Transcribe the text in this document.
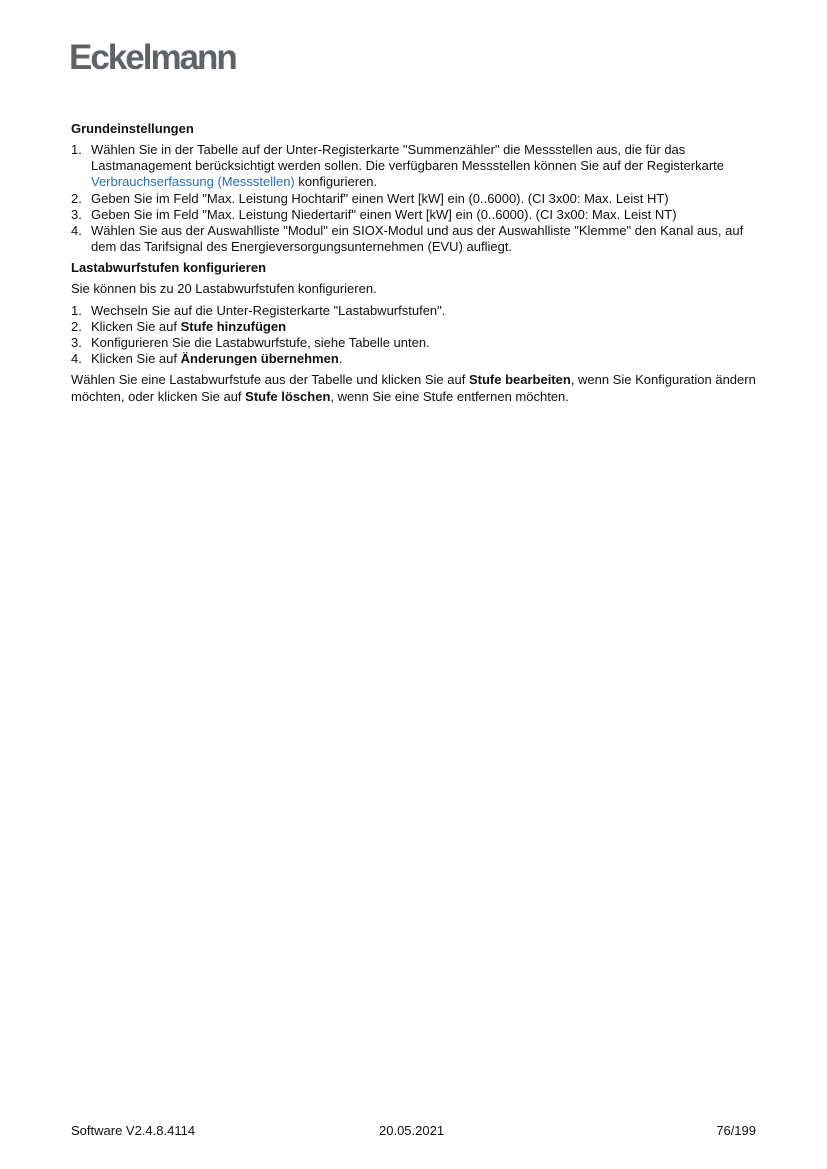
Eckelmann
Grundeinstellungen
1. Wählen Sie in der Tabelle auf der Unter-Registerkarte "Summenzähler" die Messstellen aus, die für das Lastmanagement berücksichtigt werden sollen. Die verfügbaren Messstellen können Sie auf der Registerkarte Verbrauchserfassung (Messstellen) konfigurieren.
2. Geben Sie im Feld "Max. Leistung Hochtarif" einen Wert [kW] ein (0..6000). (CI 3x00: Max. Leist HT)
3. Geben Sie im Feld "Max. Leistung Niedertarif" einen Wert [kW] ein (0..6000). (CI 3x00: Max. Leist NT)
4. Wählen Sie aus der Auswahlliste "Modul" ein SIOX-Modul und aus der Auswahlliste "Klemme" den Kanal aus, auf dem das Tarifsignal des Energieversorgungsunternehmen (EVU) aufliegt.
Lastabwurfstufen konfigurieren

Sie können bis zu 20 Lastabwurfstufen konfigurieren.

1. Wechseln Sie auf die Unter-Registerkarte "Lastabwurfstufen".
2. Klicken Sie auf Stufe hinzufügen
3. Konfigurieren Sie die Lastabwurfstufe, siehe Tabelle unten.
4. Klicken Sie auf Änderungen übernehmen.

Wählen Sie eine Lastabwurfstufe aus der Tabelle und klicken Sie auf Stufe bearbeiten, wenn Sie Konfiguration ändern möchten, oder klicken Sie auf Stufe löschen, wenn Sie eine Stufe entfernen möchten.

Software V2.4.8.4114	20.05.2021	76/199
